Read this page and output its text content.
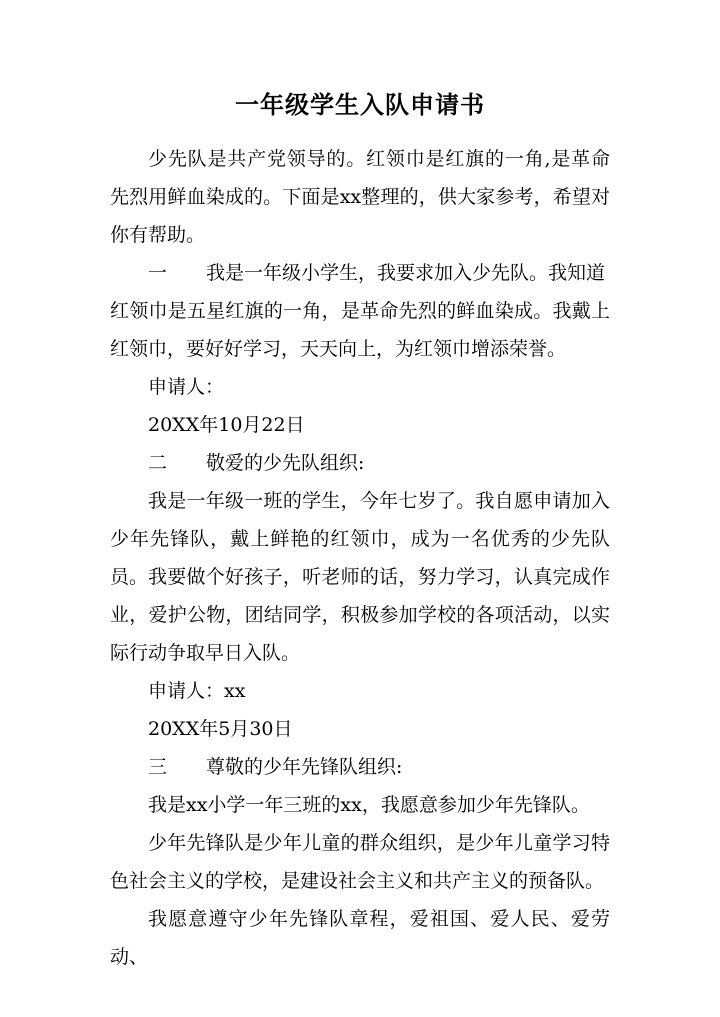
一年级学生入队申请书
少先队是共产党领导的。红领巾是红旗的一角,是革命先烈用鲜血染成的。下面是xx整理的，供大家参考，希望对你有帮助。
一 我是一年级小学生，我要求加入少先队。我知道
红领巾是五星红旗的一角，是革命先烈的鲜血染成。我戴上红领巾，要好好学习，天天向上，为红领巾增添荣誉。
申请人：
20XX年10月22日
二 敬爱的少先队组织:
我是一年级一班的学生，今年七岁了。我自愿申请加入少年先锋队，戴上鲜艳的红领巾，成为一名优秀的少先队员。 我要做个好孩子，听老师的话，努力学习，认真完成作业，爱护公物，团结同学，积极参加学校的各项活动，以实际行动争取早日入队。
申请人：xx
20XX年5月30日
三 尊敬的少年先锋队组织:
我是xx小学一年三班的xx，我愿意参加少年先锋队。
少年先锋队是少年儿童的群众组织，是少年儿童学习特色社会主义的学校，是建设社会主义和共产主义的预备队。
我愿意遵守少年先锋队章程，爱祖国、爱人民、爱劳动、
